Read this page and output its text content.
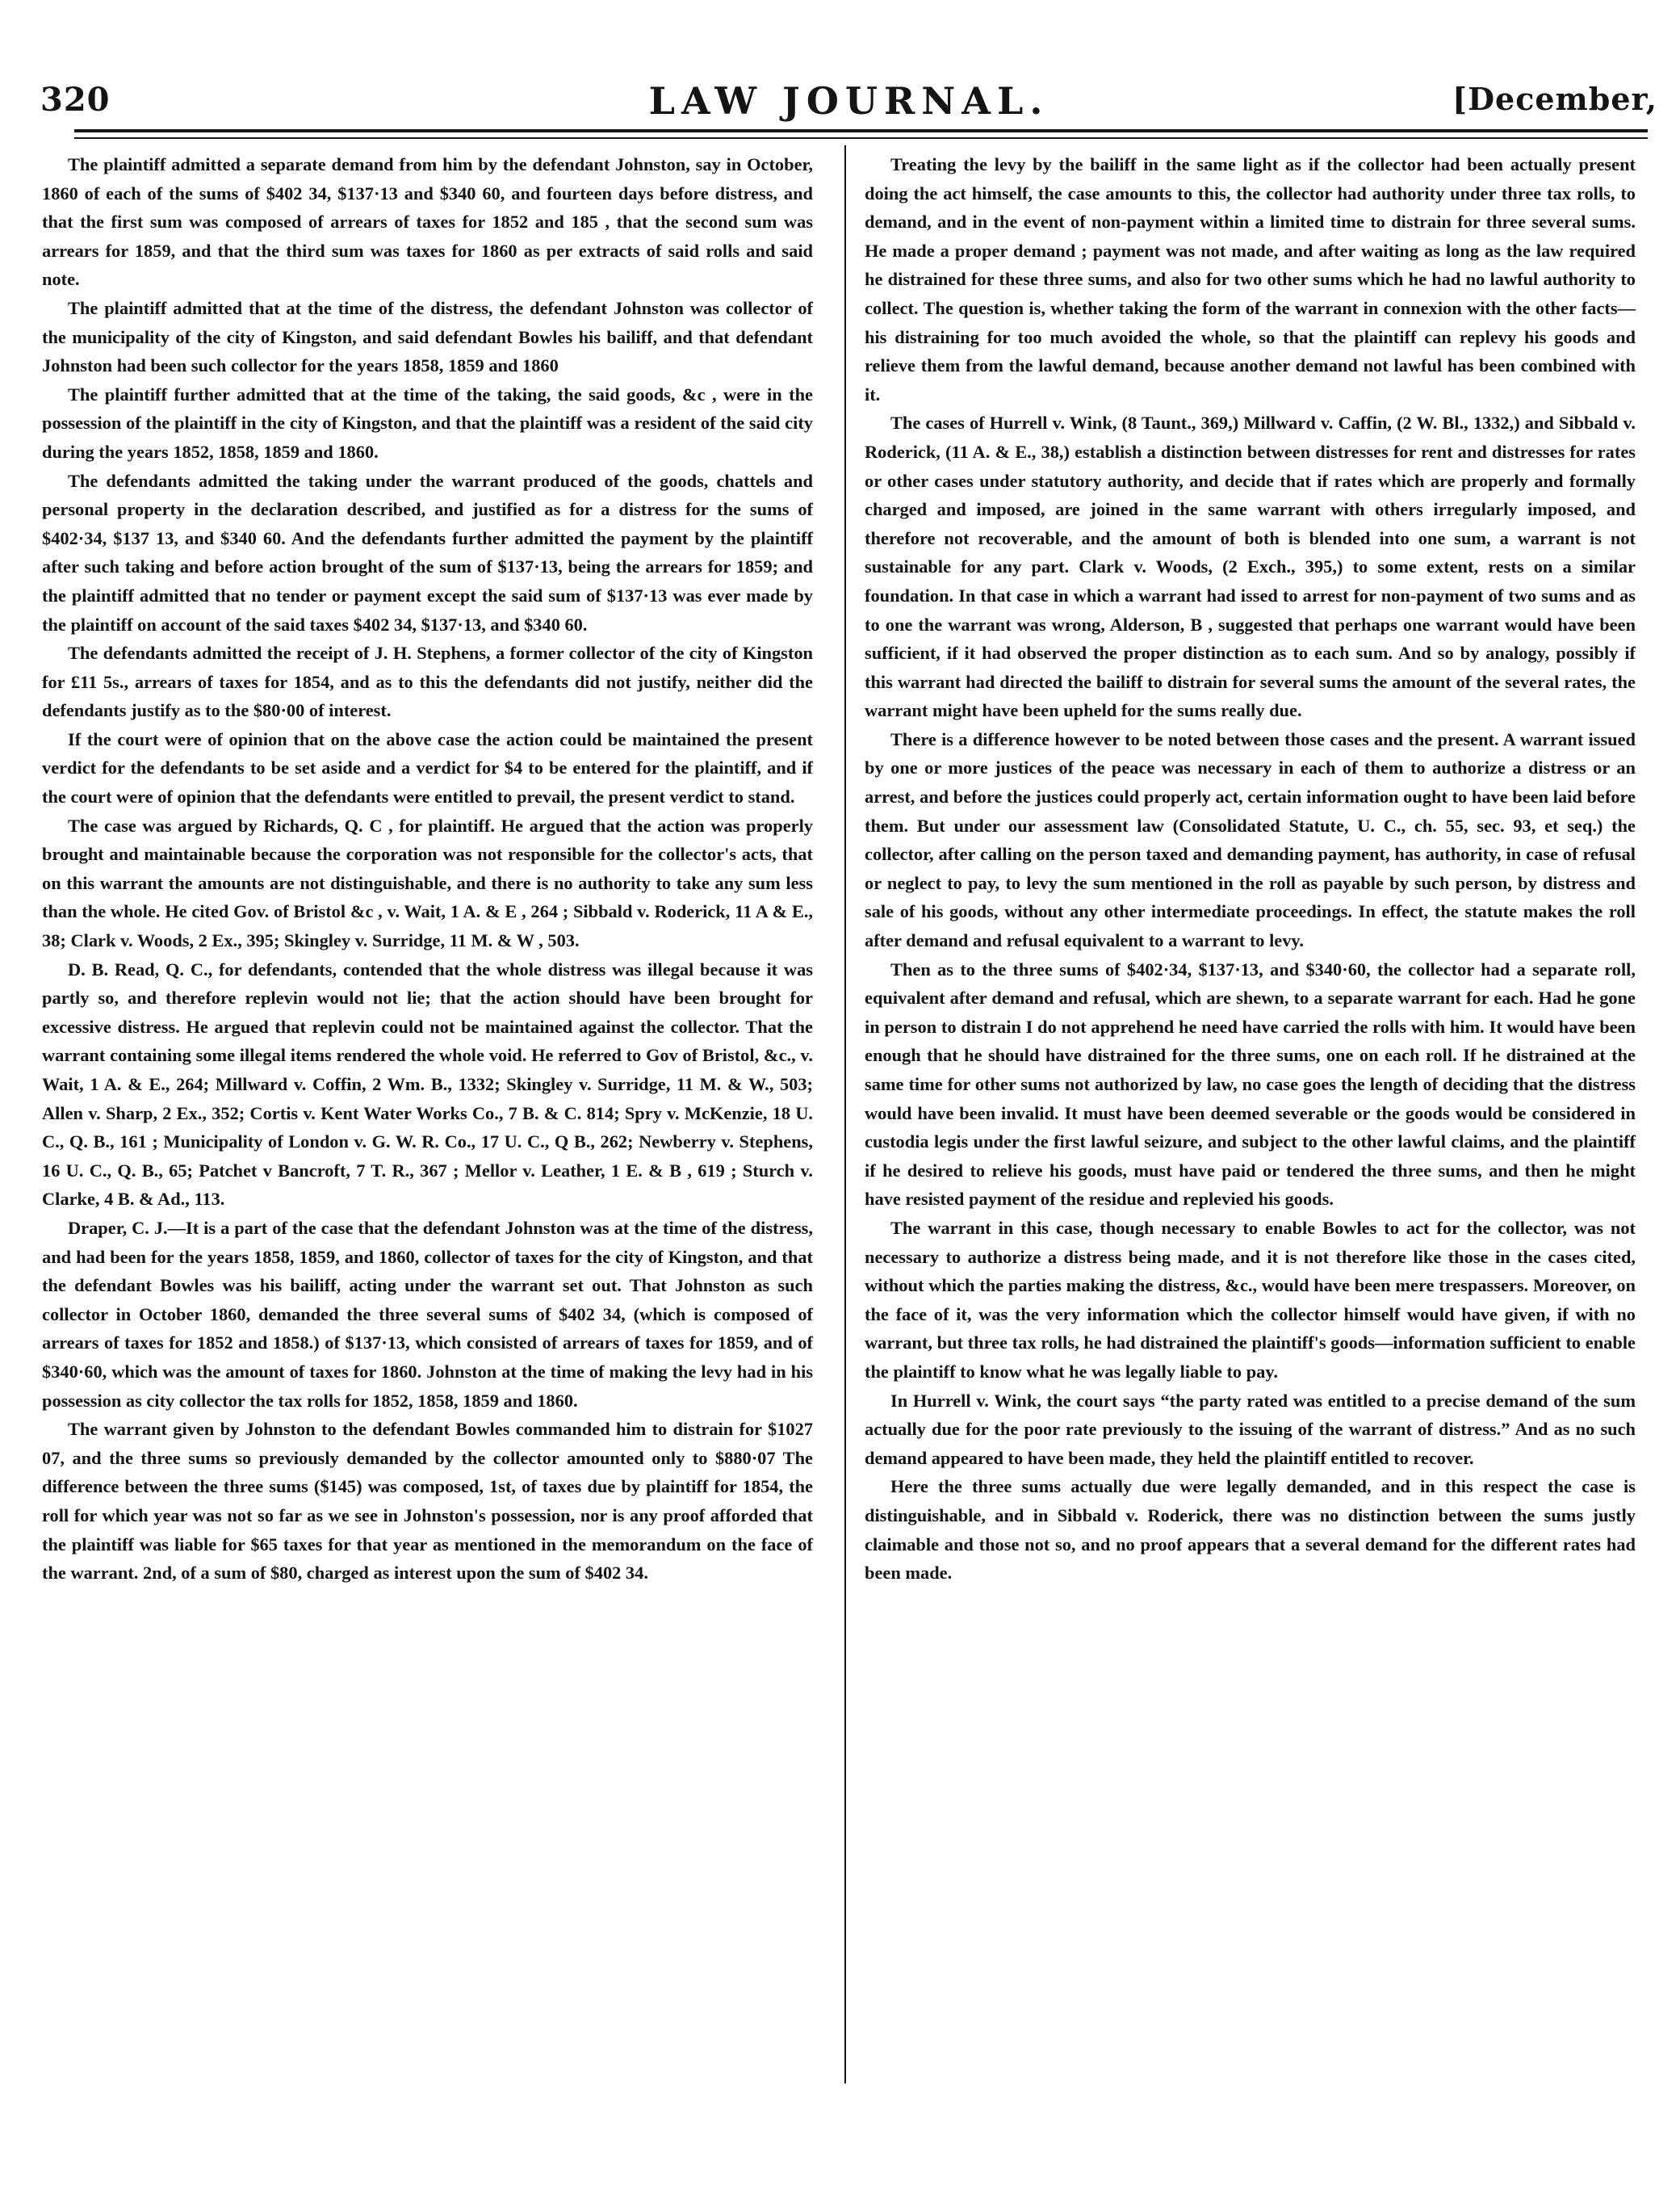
320	LAW JOURNAL.	[December,

The plaintiff admitted a separate demand from him by the defendant Johnston, say in October, 1860 of each of the sums of $402 34, $137·13 and $340 60, and fourteen days before distress, and that the first sum was composed of arrears of taxes for 1852 and 185 , that the second sum was arrears for 1859, and that the third sum was taxes for 1860 as per extracts of said rolls and said note.

The plaintiff admitted that at the time of the distress, the defendant Johnston was collector of the municipality of the city of Kingston, and said defendant Bowles his bailiff, and that defendant Johnston had been such collector for the years 1858, 1859 and 1860

The plaintiff further admitted that at the time of the taking, the said goods, &c , were in the possession of the plaintiff in the city of Kingston, and that the plaintiff was a resident of the said city during the years 1852, 1858, 1859 and 1860.

The defendants admitted the taking under the warrant produced of the goods, chattels and personal property in the declaration described, and justified as for a distress for the sums of $402·34, $137 13, and $340 60. And the defendants further admitted the payment by the plaintiff after such taking and before action brought of the sum of $137·13, being the arrears for 1859; and the plaintiff admitted that no tender or payment except the said sum of $137·13 was ever made by the plaintiff on account of the said taxes $402 34, $137·13, and $340 60.

The defendants admitted the receipt of J. H. Stephens, a former collector of the city of Kingston for £11 5s., arrears of taxes for 1854, and as to this the defendants did not justify, neither did the defendants justify as to the $80·00 of interest.

If the court were of opinion that on the above case the action could be maintained the present verdict for the defendants to be set aside and a verdict for $4 to be entered for the plaintiff, and if the court were of opinion that the defendants were entitled to prevail, the present verdict to stand.

The case was argued by Richards, Q. C , for plaintiff. He argued that the action was properly brought and maintainable because the corporation was not responsible for the collector's acts, that on this warrant the amounts are not distinguishable, and there is no authority to take any sum less than the whole. He cited Gov. of Bristol &c , v. Wait, 1 A. & E , 264 ; Sibbald v. Roderick, 11 A & E., 38; Clark v. Woods, 2 Ex., 395; Skingley v. Surridge, 11 M. & W , 503.

D. B. Read, Q. C., for defendants, contended that the whole distress was illegal because it was partly so, and therefore replevin would not lie; that the action should have been brought for excessive distress. He argued that replevin could not be maintained against the collector. That the warrant containing some illegal items rendered the whole void. He referred to Gov of Bristol, &c., v. Wait, 1 A. & E., 264; Millward v. Coffin, 2 Wm. B., 1332; Skingley v. Surridge, 11 M. & W., 503; Allen v. Sharp, 2 Ex., 352; Cortis v. Kent Water Works Co., 7 B. & C. 814; Spry v. McKenzie, 18 U. C., Q. B., 161 ; Municipality of London v. G. W. R. Co., 17 U. C., Q B., 262; Newberry v. Stephens, 16 U. C., Q. B., 65; Patchet v Bancroft, 7 T. R., 367 ; Mellor v. Leather, 1 E. & B , 619 ; Sturch v. Clarke, 4 B. & Ad., 113.

Draper, C. J.—It is a part of the case that the defendant Johnston was at the time of the distress, and had been for the years 1858, 1859, and 1860, collector of taxes for the city of Kingston, and that the defendant Bowles was his bailiff, acting under the warrant set out. That Johnston as such collector in October 1860, demanded the three several sums of $402 34, (which is composed of arrears of taxes for 1852 and 1858.) of $137·13, which consisted of arrears of taxes for 1859, and of $340·60, which was the amount of taxes for 1860. Johnston at the time of making the levy had in his possession as city collector the tax rolls for 1852, 1858, 1859 and 1860.

The warrant given by Johnston to the defendant Bowles commanded him to distrain for $1027 07, and the three sums so previously demanded by the collector amounted only to $880·07 The difference between the three sums ($145) was composed, 1st, of taxes due by plaintiff for 1854, the roll for which year was not so far as we see in Johnston's possession, nor is any proof afforded that the plaintiff was liable for $65 taxes for that year as mentioned in the memorandum on the face of the warrant. 2nd, of a sum of $80, charged as interest upon the sum of $402 34.

Treating the levy by the bailiff in the same light as if the collector had been actually present doing the act himself, the case amounts to this, the collector had authority under three tax rolls, to demand, and in the event of non-payment within a limited time to distrain for three several sums. He made a proper demand ; payment was not made, and after waiting as long as the law required he distrained for these three sums, and also for two other sums which he had no lawful authority to collect. The question is, whether taking the form of the warrant in connexion with the other facts—his distraining for too much avoided the whole, so that the plaintiff can replevy his goods and relieve them from the lawful demand, because another demand not lawful has been combined with it.

The cases of Hurrell v. Wink, (8 Taunt., 369,) Millward v. Caffin, (2 W. Bl., 1332,) and Sibbald v. Roderick, (11 A. & E., 38,) establish a distinction between distresses for rent and distresses for rates or other cases under statutory authority, and decide that if rates which are properly and formally charged and imposed, are joined in the same warrant with others irregularly imposed, and therefore not recoverable, and the amount of both is blended into one sum, a warrant is not sustainable for any part. Clark v. Woods, (2 Exch., 395,) to some extent, rests on a similar foundation. In that case in which a warrant had issed to arrest for non-payment of two sums and as to one the warrant was wrong, Alderson, B , suggested that perhaps one warrant would have been sufficient, if it had observed the proper distinction as to each sum. And so by analogy, possibly if this warrant had directed the bailiff to distrain for several sums the amount of the several rates, the warrant might have been upheld for the sums really due.

There is a difference however to be noted between those cases and the present. A warrant issued by one or more justices of the peace was necessary in each of them to authorize a distress or an arrest, and before the justices could properly act, certain information ought to have been laid before them. But under our assessment law (Consolidated Statute, U. C., ch. 55, sec. 93, et seq.) the collector, after calling on the person taxed and demanding payment, has authority, in case of refusal or neglect to pay, to levy the sum mentioned in the roll as payable by such person, by distress and sale of his goods, without any other intermediate proceedings. In effect, the statute makes the roll after demand and refusal equivalent to a warrant to levy.

Then as to the three sums of $402·34, $137·13, and $340·60, the collector had a separate roll, equivalent after demand and refusal, which are shewn, to a separate warrant for each. Had he gone in person to distrain I do not apprehend he need have carried the rolls with him. It would have been enough that he should have distrained for the three sums, one on each roll. If he distrained at the same time for other sums not authorized by law, no case goes the length of deciding that the distress would have been invalid. It must have been deemed severable or the goods would be considered in custodia legis under the first lawful seizure, and subject to the other lawful claims, and the plaintiff if he desired to relieve his goods, must have paid or tendered the three sums, and then he might have resisted payment of the residue and replevied his goods.

The warrant in this case, though necessary to enable Bowles to act for the collector, was not necessary to authorize a distress being made, and it is not therefore like those in the cases cited, without which the parties making the distress, &c., would have been mere trespassers. Moreover, on the face of it, was the very information which the collector himself would have given, if with no warrant, but three tax rolls, he had distrained the plaintiff's goods—information sufficient to enable the plaintiff to know what he was legally liable to pay.

In Hurrell v. Wink, the court says “the party rated was entitled to a precise demand of the sum actually due for the poor rate previously to the issuing of the warrant of distress.” And as no such demand appeared to have been made, they held the plaintiff entitled to recover.

Here the three sums actually due were legally demanded, and in this respect the case is distinguishable, and in Sibbald v. Roderick, there was no distinction between the sums justly claimable and those not so, and no proof appears that a several demand for the different rates had been made.
